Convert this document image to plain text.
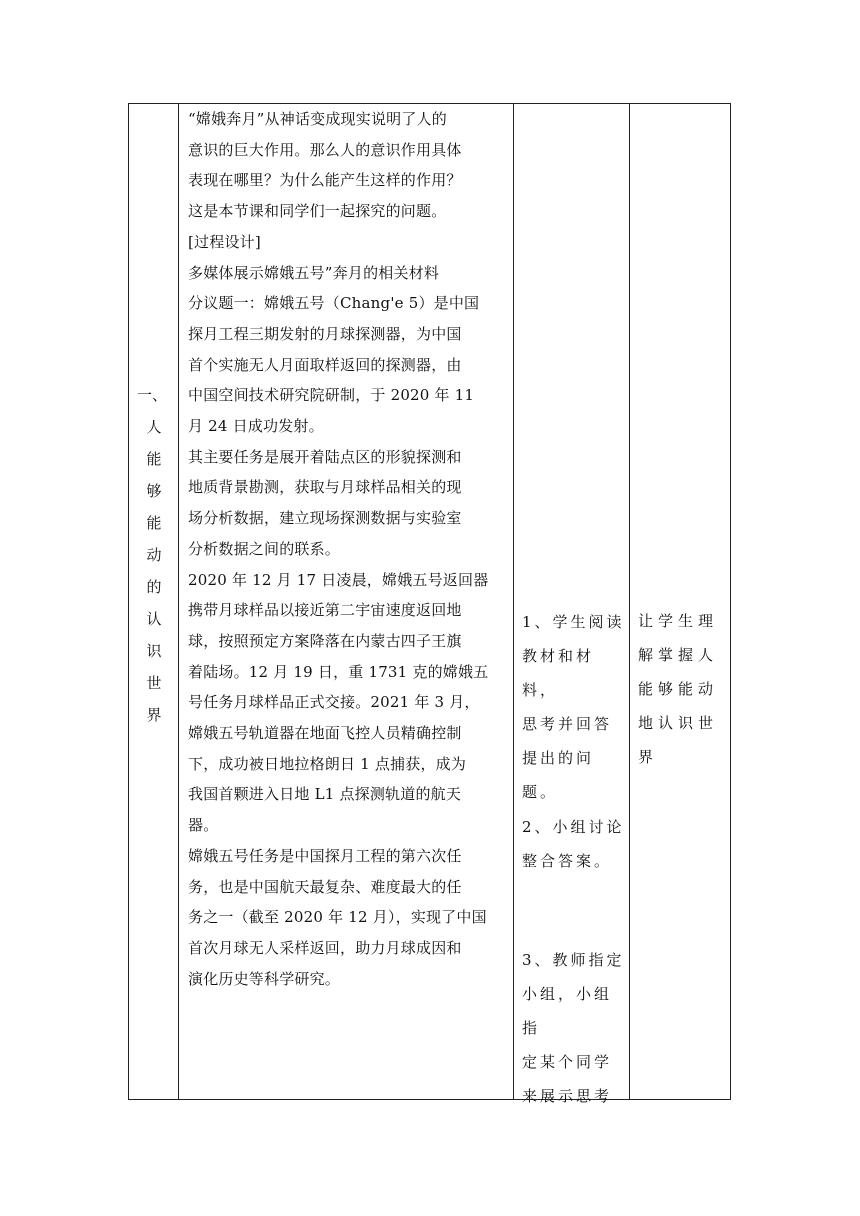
一、
人
能
够
能
动
的
认
识
世
界

“嫦娥奔月”从神话变成现实说明了人的

意识的巨大作用。那么人的意识作用具体

表现在哪里？为什么能产生这样的作用？

这是本节课和同学们一起探究的问题。

[过程设计]

多媒体展示嫦娥五号”奔月的相关材料

分议题一：嫦娥五号（Chang'e 5）是中国

探月工程三期发射的月球探测器，为中国

首个实施无人月面取样返回的探测器，由

中国空间技术研究院研制，于 2020 年 11

月 24 日成功发射。

其主要任务是展开着陆点区的形貌探测和

地质背景勘测，获取与月球样品相关的现

场分析数据，建立现场探测数据与实验室

分析数据之间的联系。

2020 年 12 月 17 日凌晨，嫦娥五号返回器

携带月球样品以接近第二宇宙速度返回地

球，按照预定方案降落在内蒙古四子王旗

着陆场。12 月 19 日，重 1731 克的嫦娥五

号任务月球样品正式交接。2021 年 3 月，

嫦娥五号轨道器在地面飞控人员精确控制

下，成功被日地拉格朗日 1 点捕获，成为

我国首颗进入日地 L1 点探测轨道的航天

器。

嫦娥五号任务是中国探月工程的第六次任

务，也是中国航天最复杂、难度最大的任

务之一（截至 2020 年 12 月），实现了中国

首次月球无人采样返回，助力月球成因和

演化历史等科学研究。

1、学生阅读

教材和材料，

思考并回答

提出的问题。

2、小组讨论

整合答案。

3、教师指定

小组，小组指

定某个同学

来展示思考

让学生理

解掌握人

能够能动

地认识世

界
